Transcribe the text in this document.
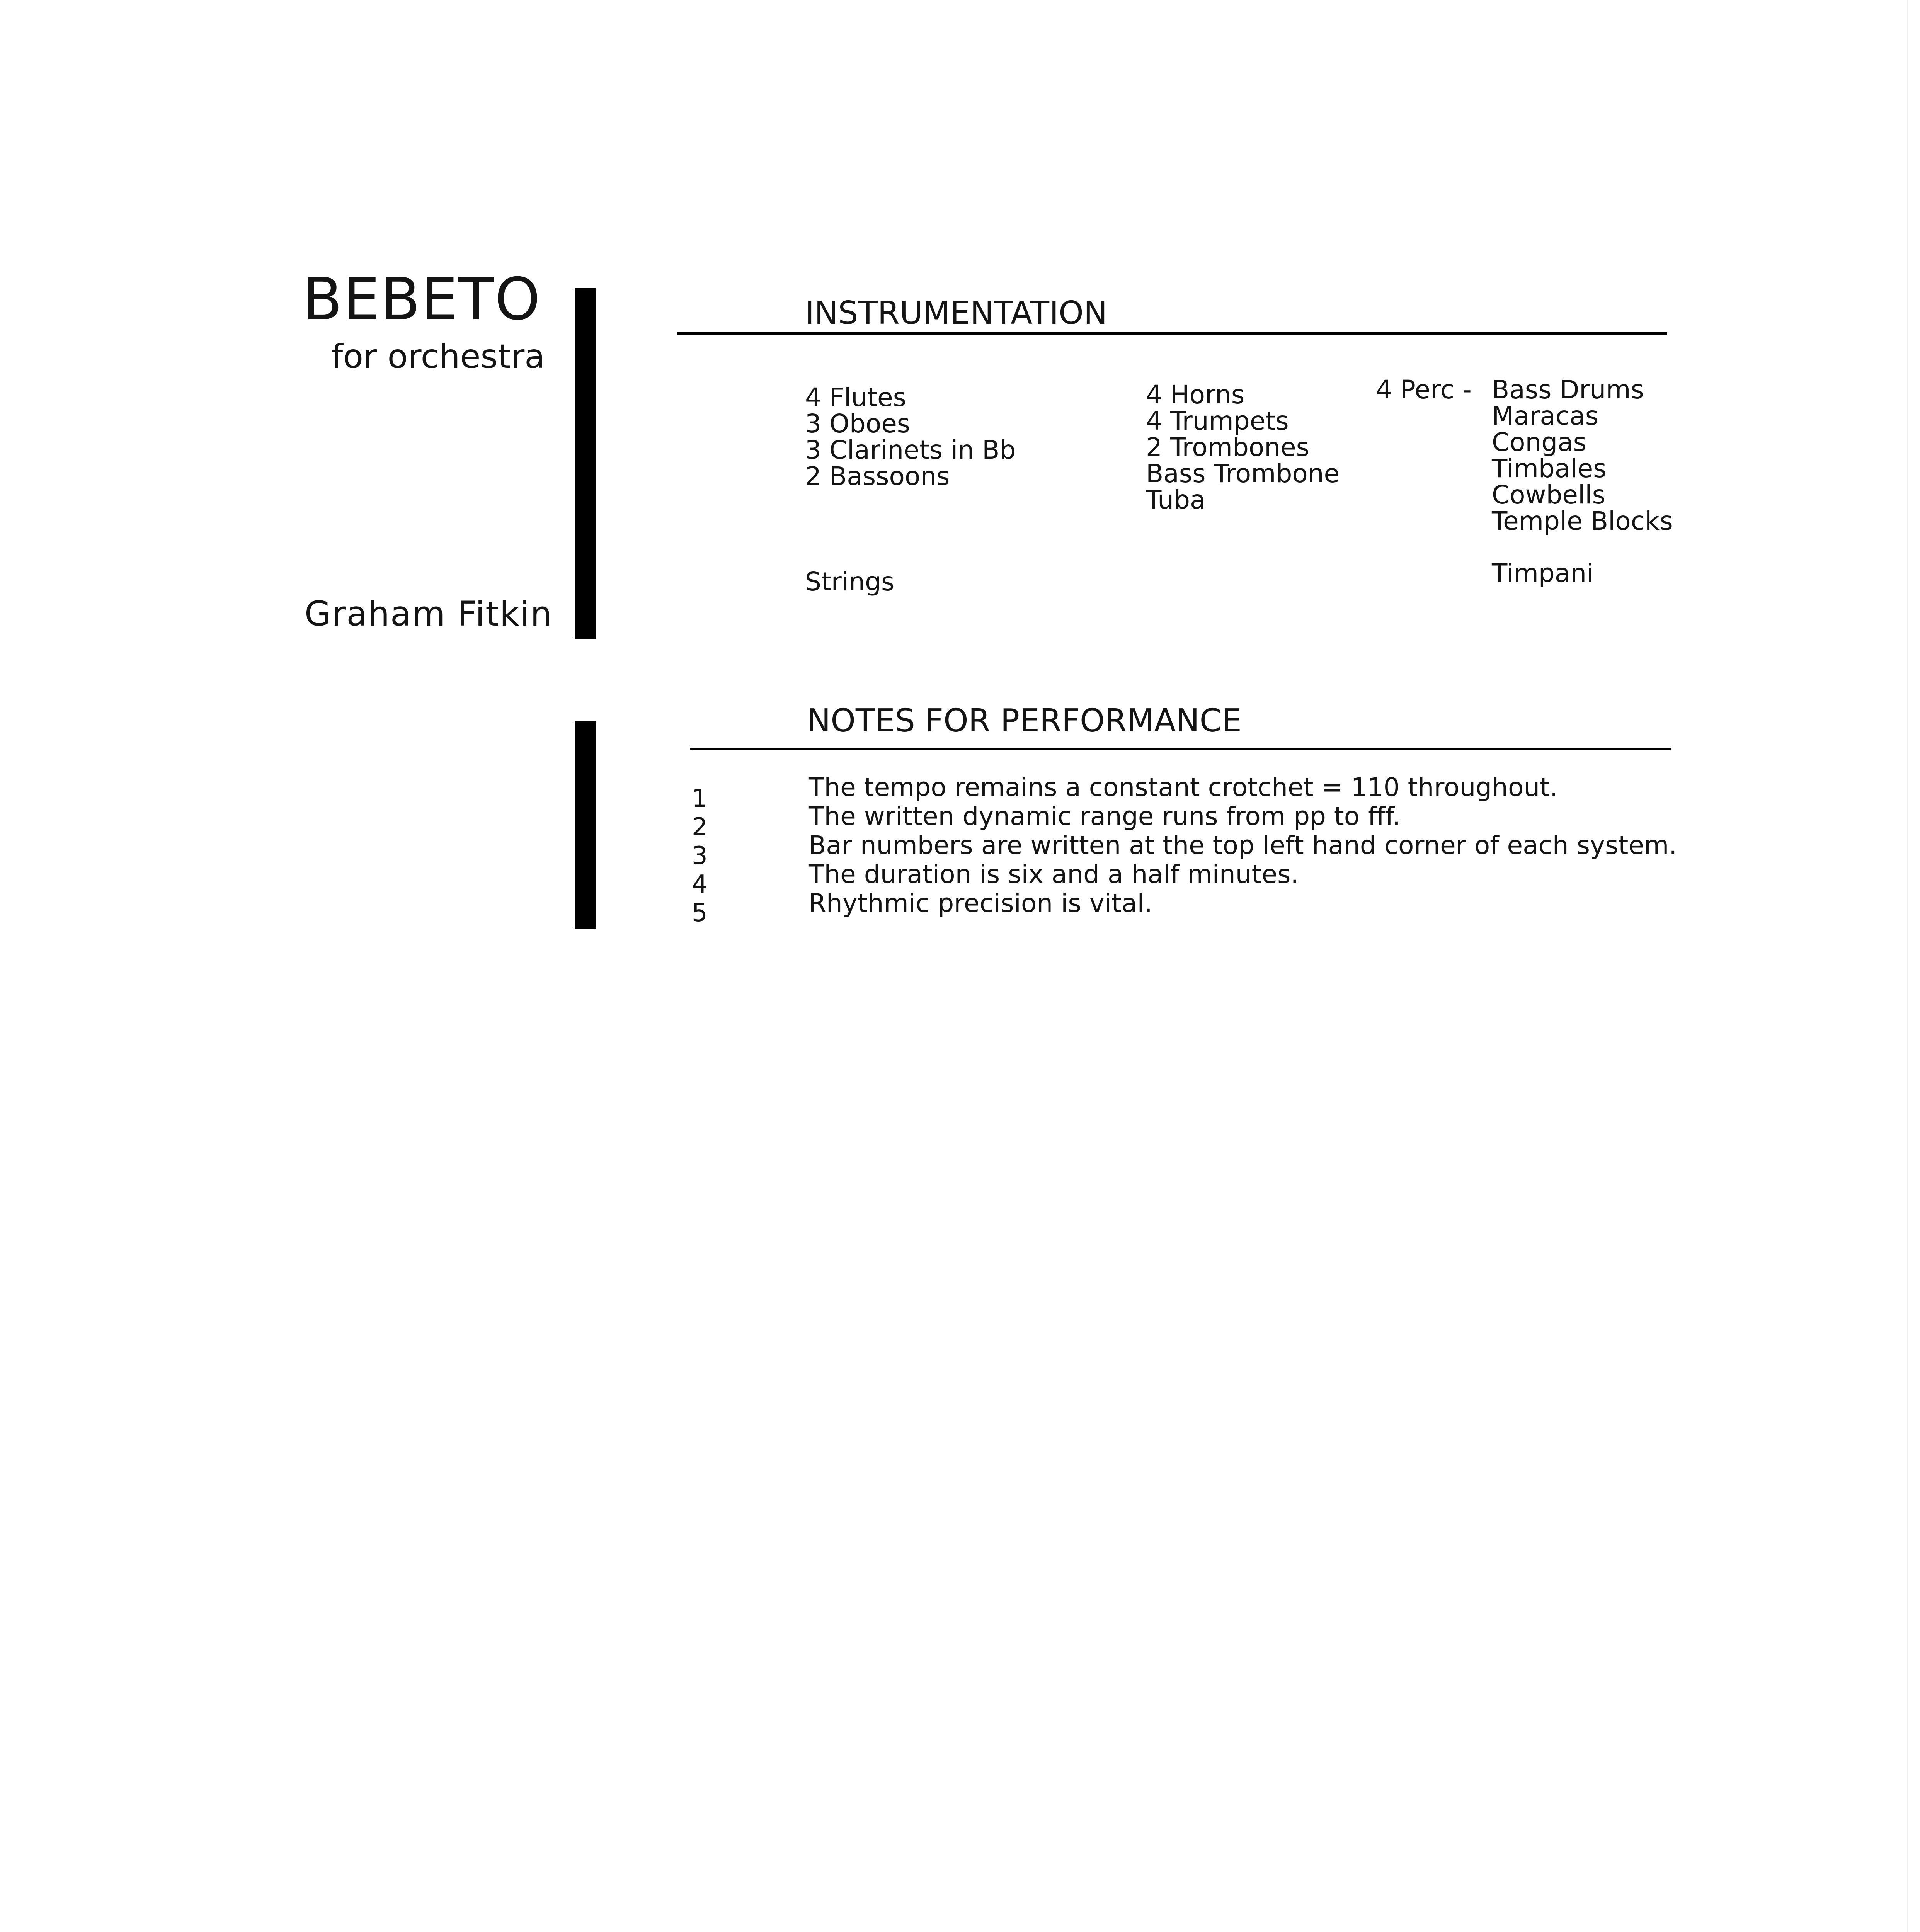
BEBETO
for orchestra
Graham Fitkin
INSTRUMENTATION
4 Flutes
3 Oboes
3 Clarinets in Bb
2 Bassoons
4 Horns
4 Trumpets
2 Trombones
Bass Trombone
Tuba
4 Perc - Bass Drums
Maracas
Congas
Timbales
Cowbells
Temple Blocks
Strings	Timpani
NOTES FOR PERFORMANCE
1
2
3
4
5
The tempo remains a constant crotchet = 110 throughout.
The written dynamic range runs from pp to fff.
Bar numbers are written at the top left hand corner of each system.
The duration is six and a half minutes.
Rhythmic precision is vital.
